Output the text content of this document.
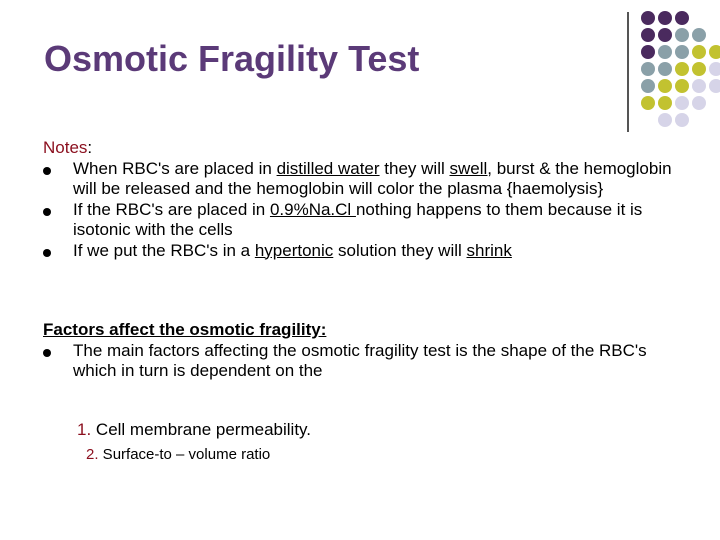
Osmotic Fragility Test
Notes:
When RBC's are placed in distilled water they will swell, burst & the hemoglobin will be released and the hemoglobin will color the plasma {haemolysis}
If the RBC's are placed in 0.9%Na.Cl nothing happens to them because it is isotonic with the cells
If we put the RBC's in a hypertonic solution they will shrink
Factors affect the osmotic fragility:
The main factors affecting the osmotic fragility test is the shape of the RBC's which in turn is dependent on the
1. Cell membrane permeability.
2. Surface-to – volume ratio
